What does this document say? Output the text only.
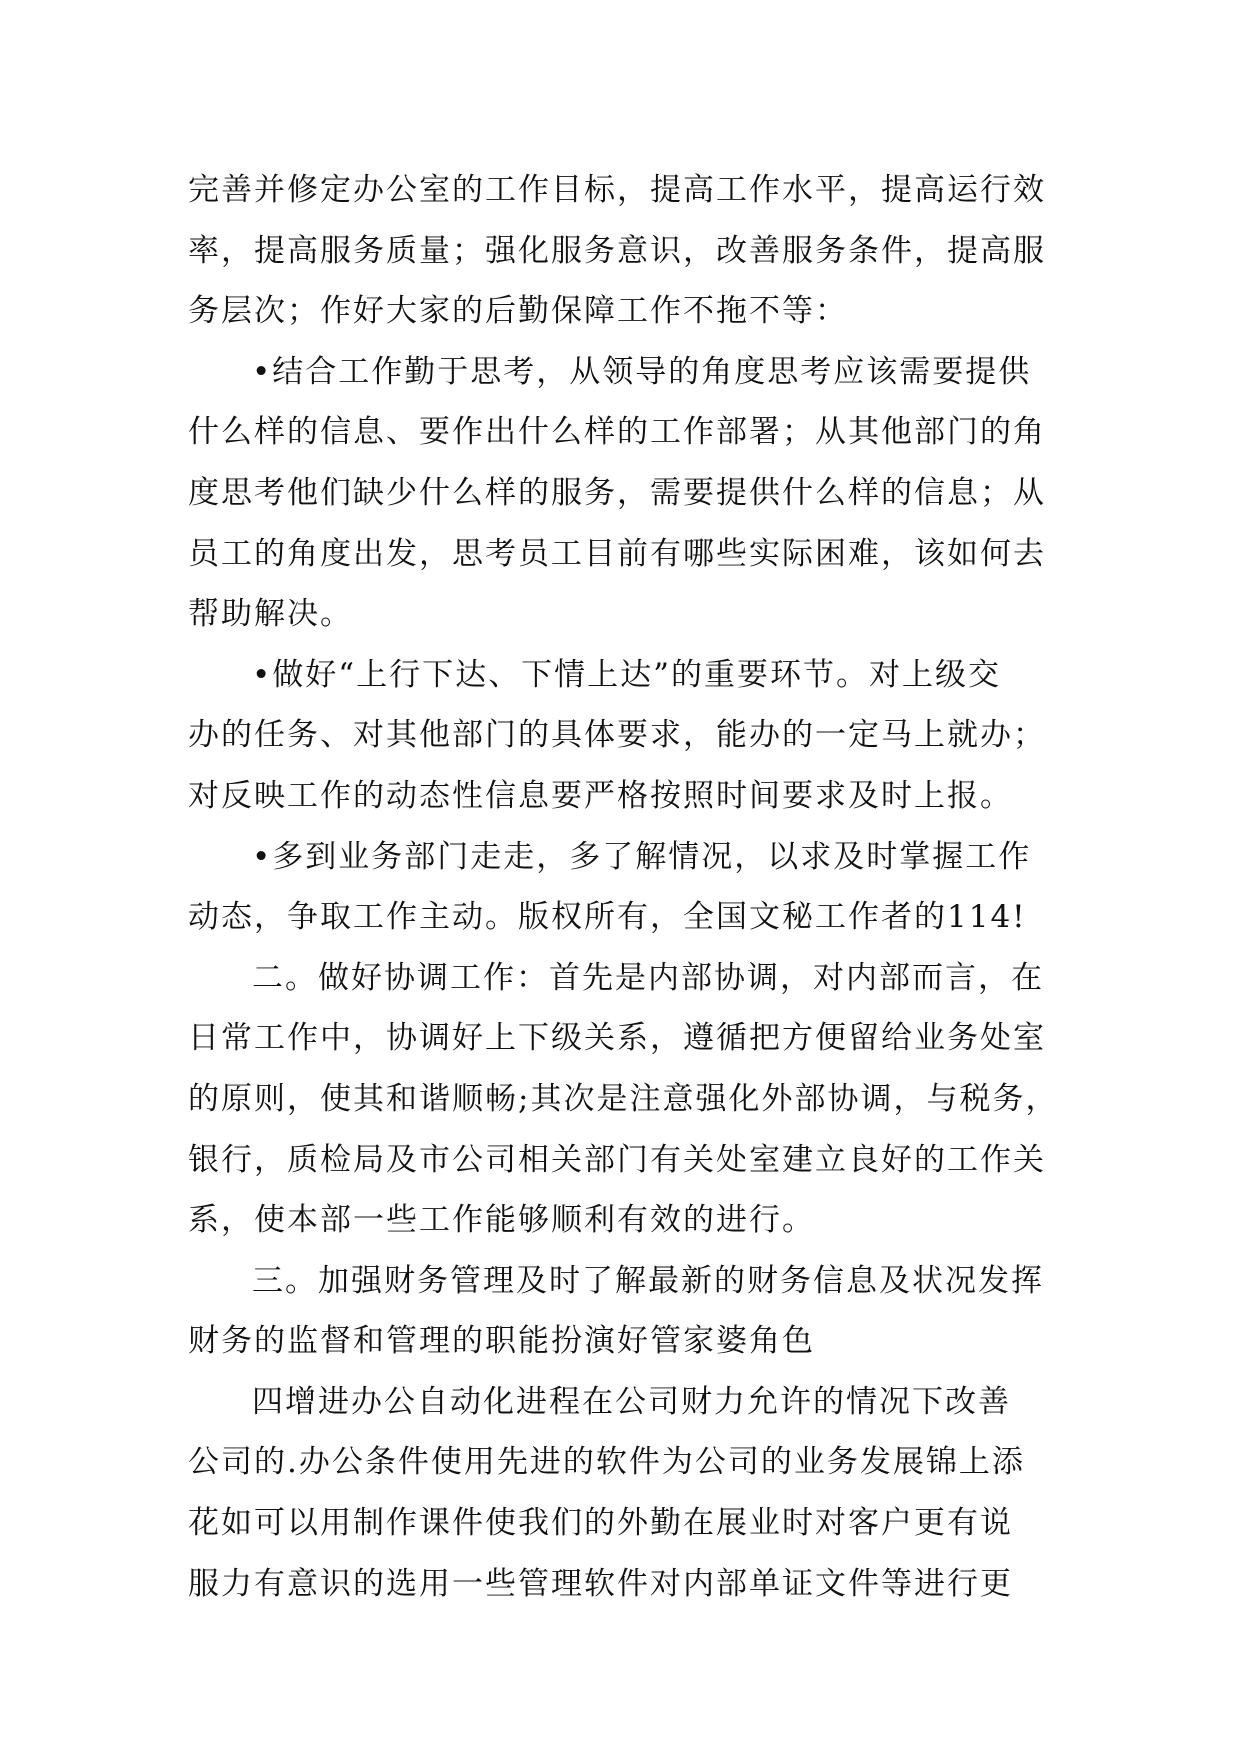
完善并修定办公室的工作目标，提高工作水平，提高运行效
率，提高服务质量；强化服务意识，改善服务条件，提高服
务层次；作好大家的后勤保障工作不拖不等：
•结合工作勤于思考，从领导的角度思考应该需要提供
什么样的信息、要作出什么样的工作部署；从其他部门的角
度思考他们缺少什么样的服务，需要提供什么样的信息；从
员工的角度出发，思考员工目前有哪些实际困难，该如何去
帮助解决。
•做好“上行下达、下情上达”的重要环节。对上级交
办的任务、对其他部门的具体要求，能办的一定马上就办；
对反映工作的动态性信息要严格按照时间要求及时上报。
•多到业务部门走走，多了解情况，以求及时掌握工作
动态，争取工作主动。版权所有，全国文秘工作者的114!
二。做好协调工作：首先是内部协调，对内部而言，在
日常工作中，协调好上下级关系，遵循把方便留给业务处室
的原则，使其和谐顺畅;其次是注意强化外部协调，与税务，
银行，质检局及市公司相关部门有关处室建立良好的工作关
系，使本部一些工作能够顺利有效的进行。
三。加强财务管理及时了解最新的财务信息及状况发挥
财务的监督和管理的职能扮演好管家婆角色
四增进办公自动化进程在公司财力允许的情况下改善
公司的.办公条件使用先进的软件为公司的业务发展锦上添
花如可以用制作课件使我们的外勤在展业时对客户更有说
服力有意识的选用一些管理软件对内部单证文件等进行更
